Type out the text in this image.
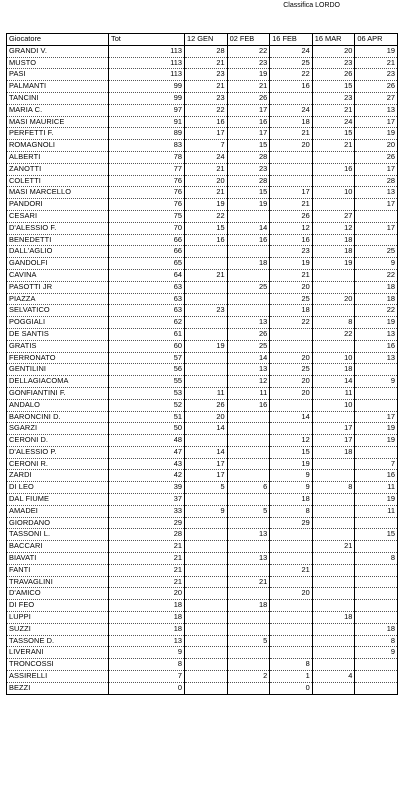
Classifica LORDO
Giocatore	Tot	12 GEN	02 FEB	16 FEB	16 MAR	06 APR
GRANDI V.	113	28	22	24	20	19
MUSTO	113	21	23	25	23	21
PASI	113	23	19	22	26	23
PALMANTI	99	21	21	16	15	26
TANCINI	99	23	26		23	27
MARIA C.	97	22	17	24	21	13
MASI MAURICE	91	16	16	18	24	17
PERFETTI F.	89	17	17	21	15	19
ROMAGNOLI	83	7	15	20	21	20
ALBERTI	78	24	28			26
ZANOTTI	77	21	23		16	17
COLETTI	76	20	28			28
MASI MARCELLO	76	21	15	17	10	13
PANDORI	76	19	19	21		17
CESARI	75	22		26	27	
D'ALESSIO F.	70	15	14	12	12	17
BENEDETTI	66	16	16	16	18	
DALL'AGLIO	66			23	18	25
GANDOLFI	65		18	19	19	9
CAVINA	64	21		21		22
PASOTTI JR	63		25	20		18
PIAZZA	63			25	20	18
SELVATICO	63	23		18		22
POGGIALI	62		13	22	8	19
DE SANTIS	61		26		22	13
GRATIS	60	19	25			16
FERRONATO	57		14	20	10	13
GENTILINI	56		13	25	18	
DELLAGIACOMA	55		12	20	14	9
GONFIANTINI F.	53	11	11	20	11	
ANDALO	52	26	16		10	
BARONCINI D.	51	20		14		17
SGARZI	50	14			17	19
CERONI D.	48			12	17	19
D'ALESSIO P.	47	14		15	18	
CERONI R.	43	17		19		7
ZARDI	42	17		9		16
DI LEO	39	5	6	9	8	11
DAL FIUME	37			18		19
AMADEI	33	9	5	8		11
GIORDANO	29			29		
TASSONI L.	28		13			15
BACCARI	21				21	
BIAVATI	21		13			8
FANTI	21			21		
TRAVAGLINI	21		21			
D'AMICO	20			20		
DI FEO	18		18			
LUPPI	18				18	
SUZZI	18					18
TASSONE D.	13		5			8
LIVERANI	9					9
TRONCOSSI	8			8		
ASSIRELLI	7		2	1	4	
BEZZI	0			0		
